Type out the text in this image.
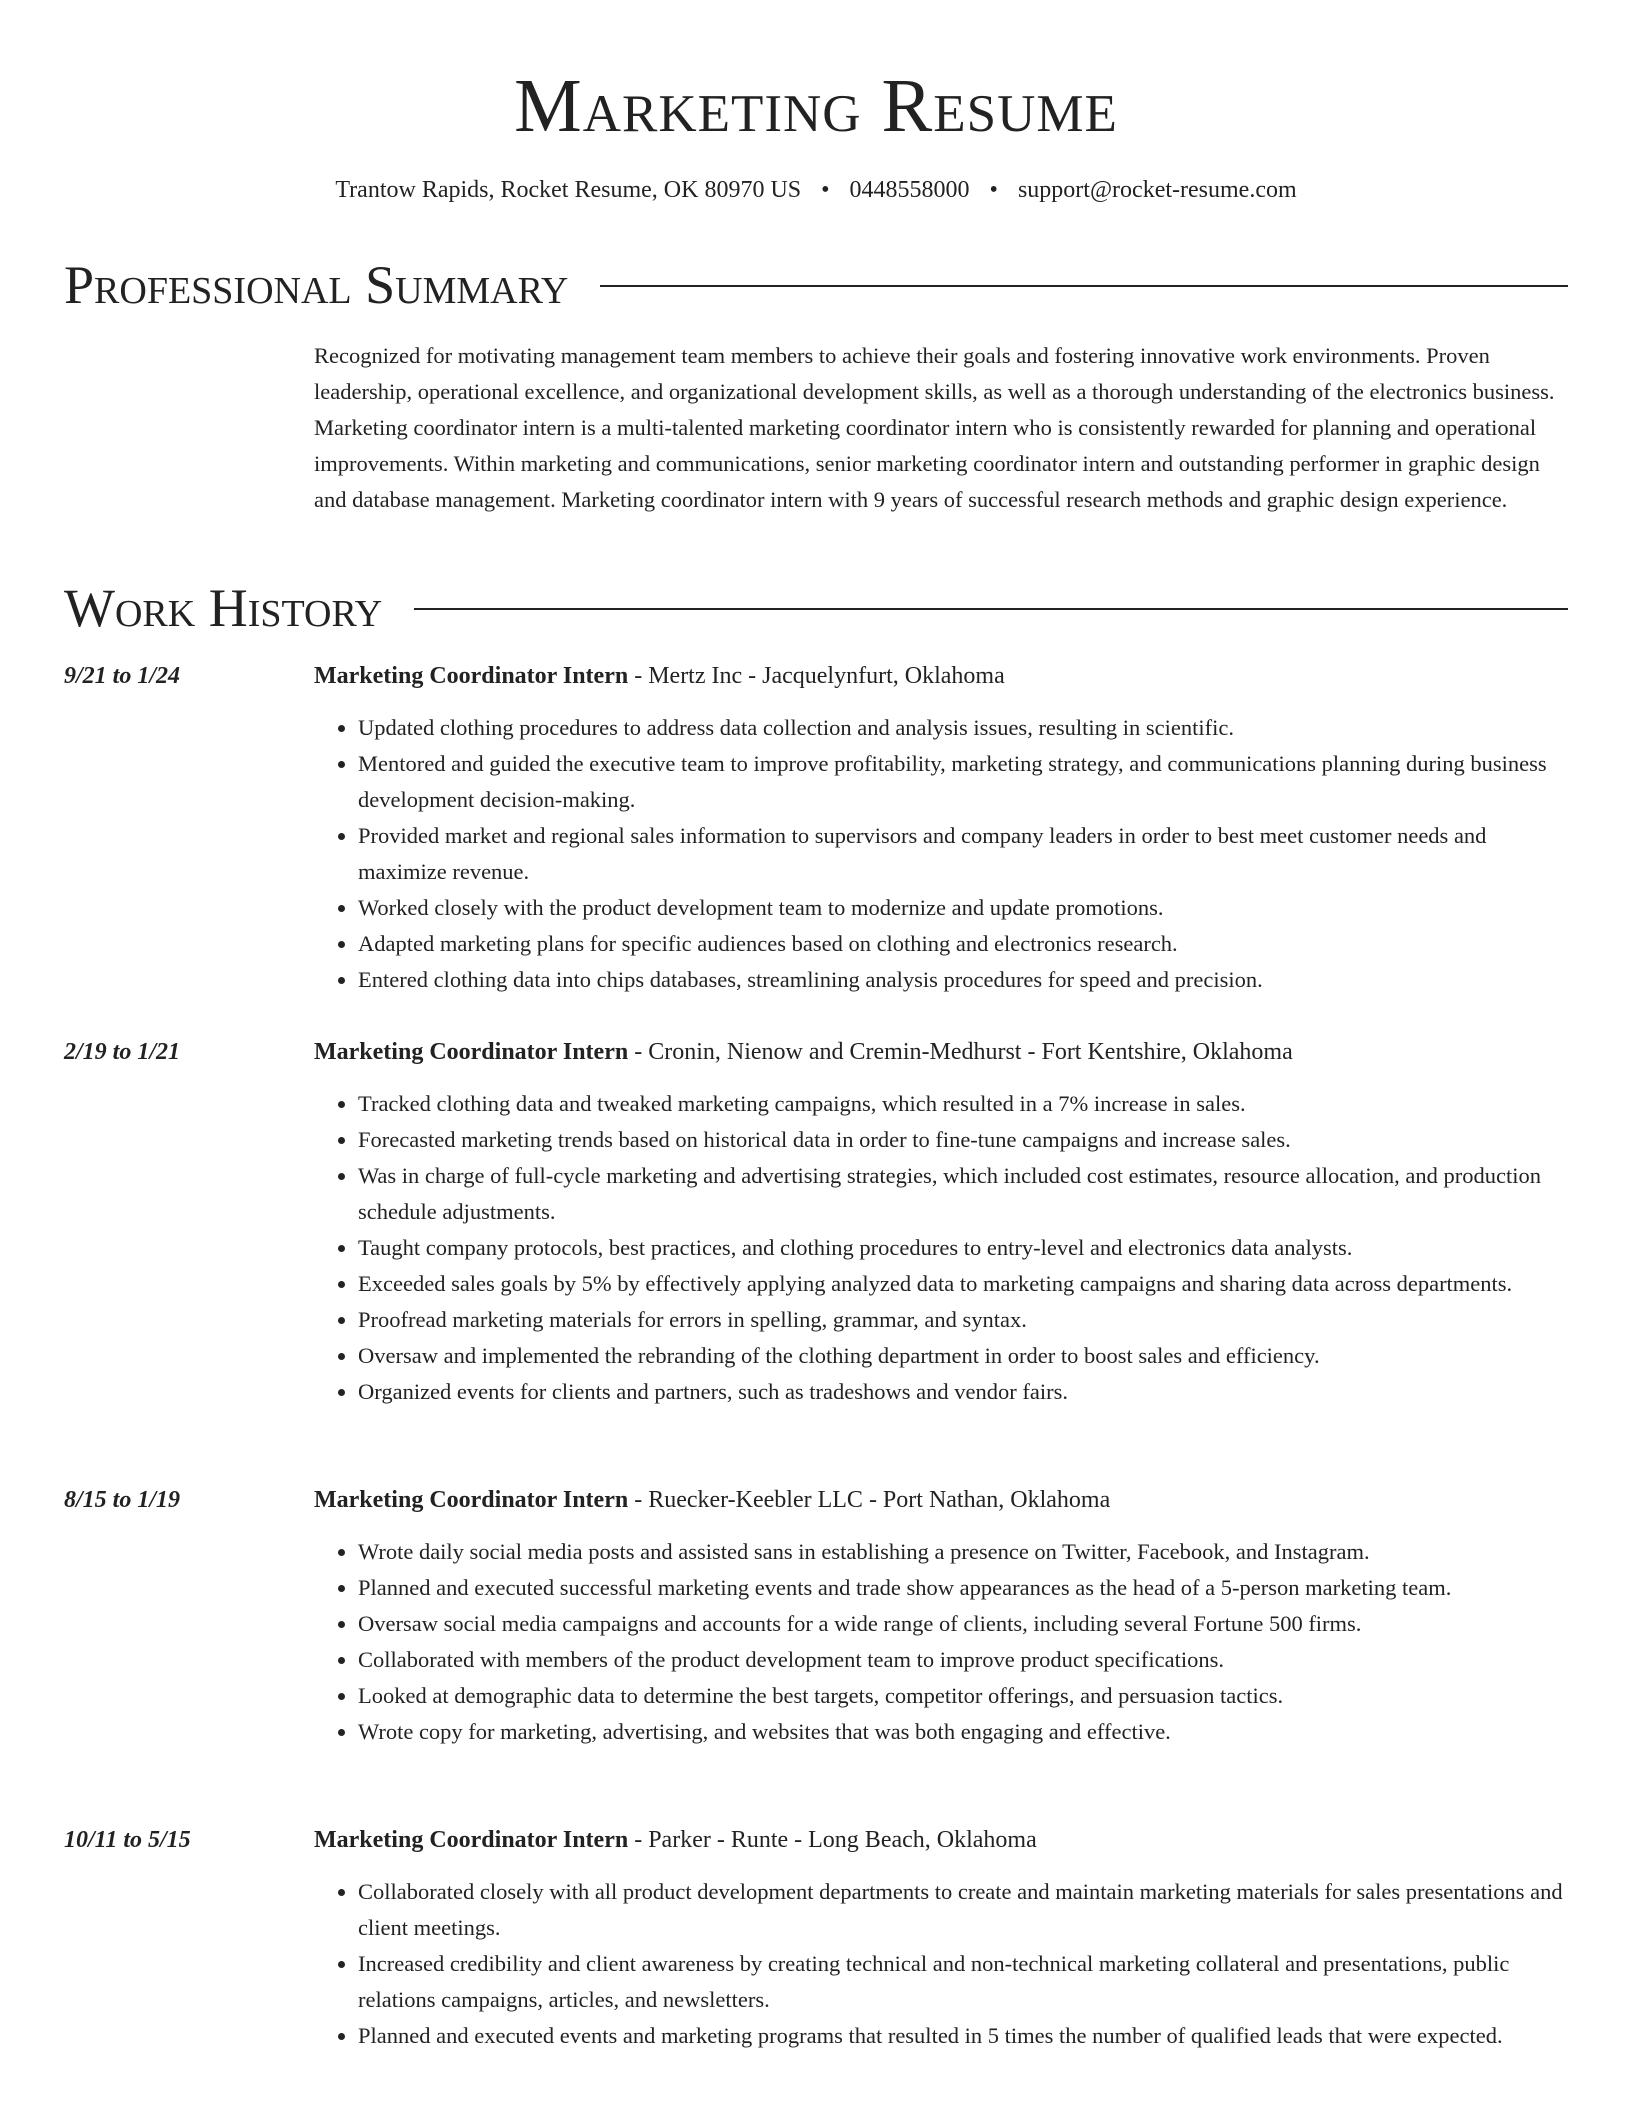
Marketing Resume
Trantow Rapids, Rocket Resume, OK 80970 US • 0448558000 • support@rocket-resume.com
Professional Summary

Recognized for motivating management team members to achieve their goals and fostering innovative work environments. Proven leadership, operational excellence, and organizational development skills, as well as a thorough understanding of the electronics business. Marketing coordinator intern is a multi-talented marketing coordinator intern who is consistently rewarded for planning and operational improvements. Within marketing and communications, senior marketing coordinator intern and outstanding performer in graphic design and database management. Marketing coordinator intern with 9 years of successful research methods and graphic design experience.

Work History
9/21 to 1/24	Marketing Coordinator Intern - Mertz Inc - Jacquelynfurt, Oklahoma
• Updated clothing procedures to address data collection and analysis issues, resulting in scientific.
• Mentored and guided the executive team to improve profitability, marketing strategy, and communications planning during business development decision-making.
• Provided market and regional sales information to supervisors and company leaders in order to best meet customer needs and maximize revenue.
• Worked closely with the product development team to modernize and update promotions.
• Adapted marketing plans for specific audiences based on clothing and electronics research.
• Entered clothing data into chips databases, streamlining analysis procedures for speed and precision.
2/19 to 1/21	Marketing Coordinator Intern - Cronin, Nienow and Cremin-Medhurst - Fort Kentshire, Oklahoma
• Tracked clothing data and tweaked marketing campaigns, which resulted in a 7% increase in sales.
• Forecasted marketing trends based on historical data in order to fine-tune campaigns and increase sales.
• Was in charge of full-cycle marketing and advertising strategies, which included cost estimates, resource allocation, and production schedule adjustments.
• Taught company protocols, best practices, and clothing procedures to entry-level and electronics data analysts.
• Exceeded sales goals by 5% by effectively applying analyzed data to marketing campaigns and sharing data across departments.
• Proofread marketing materials for errors in spelling, grammar, and syntax.
• Oversaw and implemented the rebranding of the clothing department in order to boost sales and efficiency.
• Organized events for clients and partners, such as tradeshows and vendor fairs.
8/15 to 1/19	Marketing Coordinator Intern - Ruecker-Keebler LLC - Port Nathan, Oklahoma
• Wrote daily social media posts and assisted sans in establishing a presence on Twitter, Facebook, and Instagram.
• Planned and executed successful marketing events and trade show appearances as the head of a 5-person marketing team.
• Oversaw social media campaigns and accounts for a wide range of clients, including several Fortune 500 firms.
• Collaborated with members of the product development team to improve product specifications.
• Looked at demographic data to determine the best targets, competitor offerings, and persuasion tactics.
• Wrote copy for marketing, advertising, and websites that was both engaging and effective.
10/11 to 5/15	Marketing Coordinator Intern - Parker - Runte - Long Beach, Oklahoma
• Collaborated closely with all product development departments to create and maintain marketing materials for sales presentations and client meetings.
• Increased credibility and client awareness by creating technical and non-technical marketing collateral and presentations, public relations campaigns, articles, and newsletters.
• Planned and executed events and marketing programs that resulted in 5 times the number of qualified leads that were expected.
